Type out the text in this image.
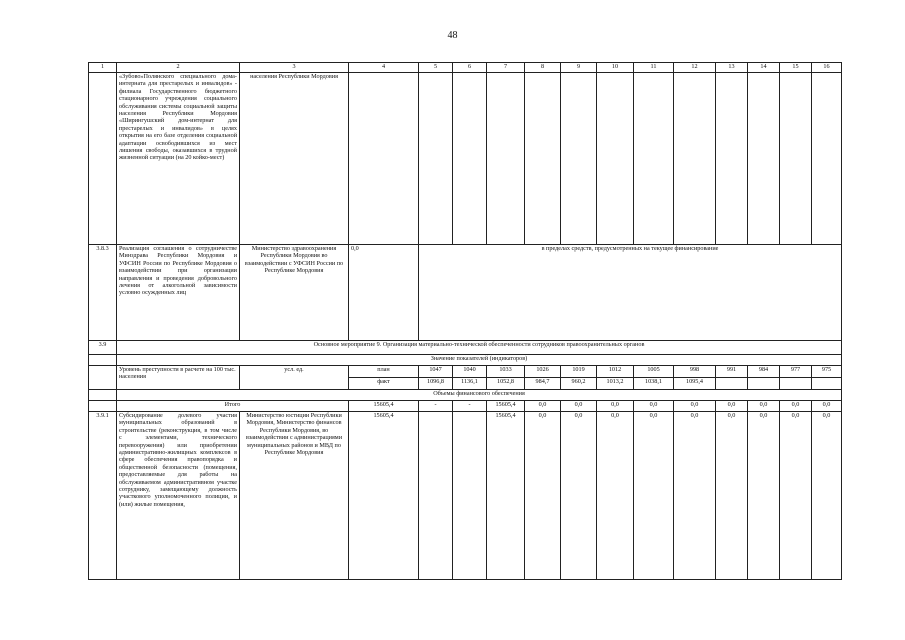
48
1	2	3	4	5	6	7	8	9	10	11	12	13	14	15	16
	«Зубово»Полянского специального дома-интерната для престарелых и инвалидов» - филиала Государственного бюджетного стационарного учреждения социального обслуживания системы социальной защиты населения Республики Мордовия «Ширингушский дом-интернат для престарелых и инвалидов» в целях открытия на его базе отделения социальной адаптации освободившихся из мест лишения свободы, оказавшихся в трудной жизненной ситуации (на 20 койко-мест)	населения Республики Мордовия													
3.8.3	Реализация соглашения о сотрудничестве Минздрава Республики Мордовия и УФСИН России по Республике Мордовия о взаимодействии при организации направления и проведения добровольного лечения от алкогольной зависимости условно осужденных лиц	Министерство здравоохранения Республики Мордовия во взаимодействии с УФСИН России по Республике Мордовия	0,0	в пределах средств, предусмотренных на текущее финансирование											
3.9	Основное мероприятие 9. Организация материально-технической обеспеченности сотрудников правоохранительных органов														
	Значение показателей (индикаторов)														
	Уровень преступности в расчете на 100 тыс. населения	усл. ед.	план	1047	1040	1033	1026	1019	1012	1005	998	991	984	977	975
			факт	1096,8	1136,1	1052,8	984,7	960,2	1013,2	1038,1	1095,4				
	Объемы финансового обеспечения														
	Итого		15605,4	-	-	15605,4	0,0	0,0	0,0	0,0	0,0	0,0	0,0	0,0	0,0
3.9.1	Субсидирование долевого участия муниципальных образований в строительстве (реконструкция, в том числе с элементами, технического перевооружения) или приобретении административно-жилищных комплексов в сфере обеспечения правопорядка и общественной безопасности (помещения, предоставляемые для работы на обслуживаемом административном участке сотруднику, замещающему должность участкового уполномоченного полиции, и (или) жилые помещения,	Министерство юстиции Республики Мордовия, Министерство финансов Республики Мордовия, во взаимодействии с администрациями муниципальных районов и МВД по Республике Мордовия	15605,4			15605,4	0,0	0,0	0,0	0,0	0,0	0,0	0,0	0,0	0,0
